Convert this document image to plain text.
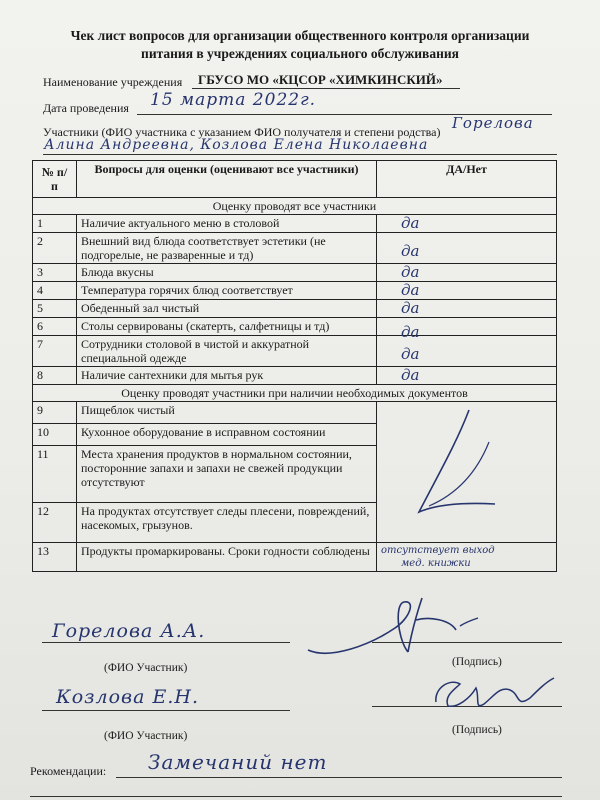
Чек лист вопросов для организации общественного контроля организации
питания в учреждениях социального обслуживания
Наименование учреждения ГБУСО МО «КЦСОР «ХИМКИНСКИЙ»
Дата проведения 15 марта 2022г.
Участники (ФИО участника с указанием ФИО получателя и степени родства) Горелова
Алина Андреевна, Козлова Елена Николаевна
№ п/п	Вопросы для оценки (оценивают все участники)	ДА/Нет
Оценку проводят все участники		
1	Наличие актуального меню в столовой	да
2	Внешний вид блюда соответствует эстетики (не подгорелые, не разваренные и тд)	да
3	Блюда вкусны	да
4	Температура горячих блюд соответствует	да
5	Обеденный зал чистый	да
6	Столы сервированы (скатерть, салфетницы и тд)	да
7	Сотрудники столовой в чистой и аккуратной специальной одежде	да
8	Наличие сантехники для мытья рук	да
Оценку проводят участники при наличии необходимых документов		
9	Пищеблок чистый	

10	Кухонное оборудование в исправном состоянии	
11	Места хранения продуктов в нормальном состоянии, посторонние запахи и запахи не свежей продукции отсутствуют	
12	На продуктах отсутствует следы плесени, повреждений, насекомых, грызунов.	
13	Продукты промаркированы. Сроки годности соблюдены	отсутствует выход
мед. книжки
Горелова А.А.
(ФИО Участник)	(Подпись)
Козлова Е.Н.
(ФИО Участник)	(Подпись)
Рекомендации: Замечаний нет
